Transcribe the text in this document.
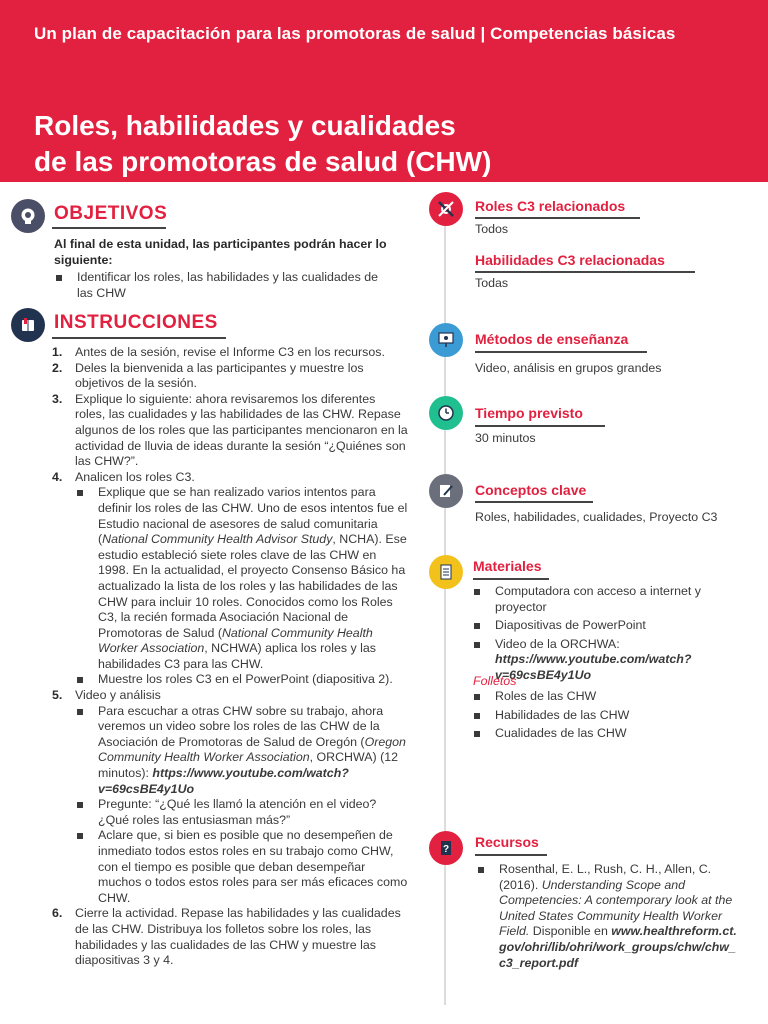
Un plan de capacitación para las promotoras de salud | Competencias básicas
Roles, habilidades y cualidades
de las promotoras de salud (CHW)
OBJETIVOS
Al final de esta unidad, las participantes podrán hacer lo siguiente:
Identificar los roles, las habilidades y las cualidades de las CHW
INSTRUCCIONES
1. Antes de la sesión, revise el Informe C3 en los recursos.
2. Deles la bienvenida a las participantes y muestre los objetivos de la sesión.
3. Explique lo siguiente: ahora revisaremos los diferentes roles, las cualidades y las habilidades de las CHW. Repase algunos de los roles que las participantes mencionaron en la actividad de lluvia de ideas durante la sesión “¿Quiénes son las CHW?”.
4. Analicen los roles C3.
Explique que se han realizado varios intentos para definir los roles de las CHW. Uno de esos intentos fue el Estudio nacional de asesores de salud comunitaria (National Community Health Advisor Study, NCHA). Ese estudio estableció siete roles clave de las CHW en 1998. En la actualidad, el proyecto Consenso Básico ha actualizado la lista de los roles y las habilidades de las CHW para incluir 10 roles. Conocidos como los Roles C3, la recién formada Asociación Nacional de Promotoras de Salud (National Community Health Worker Association, NCHWA) aplica los roles y las habilidades C3 para las CHW.
Muestre los roles C3 en el PowerPoint (diapositiva 2).
5. Video y análisis
Para escuchar a otras CHW sobre su trabajo, ahora veremos un video sobre los roles de las CHW de la Asociación de Promotoras de Salud de Oregón (Oregon Community Health Worker Association, ORCHWA) (12 minutos): https://www.youtube.com/watch?v=69csBE4y1Uo
Pregunte: “¿Qué les llamó la atención en el video? ¿Qué roles las entusiasman más?”
Aclare que, si bien es posible que no desempeñen de inmediato todos estos roles en su trabajo como CHW, con el tiempo es posible que deban desempeñar muchos o todos estos roles para ser más eficaces como CHW.
6. Cierre la actividad. Repase las habilidades y las cualidades de las CHW. Distribuya los folletos sobre los roles, las habilidades y las cualidades de las CHW y muestre las diapositivas 3 y 4.
Roles C3 relacionados
Todos
Habilidades C3 relacionadas
Todas
Métodos de enseñanza
Video, análisis en grupos grandes
Tiempo previsto
30 minutos
Conceptos clave
Roles, habilidades, cualidades, Proyecto C3
Materiales
Computadora con acceso a internet y proyector
Diapositivas de PowerPoint
Video de la ORCHWA: https://www.youtube.com/watch?v=69csBE4y1Uo
Folletos
Roles de las CHW
Habilidades de las CHW
Cualidades de las CHW
? Recursos
Rosenthal, E. L., Rush, C. H., Allen, C. (2016). Understanding Scope and Competencies: A contemporary look at the United States Community Health Worker Field. Disponible en www.healthreform.ct.gov/ohri/lib/ohri/work_groups/chw/chw_c3_report.pdf
